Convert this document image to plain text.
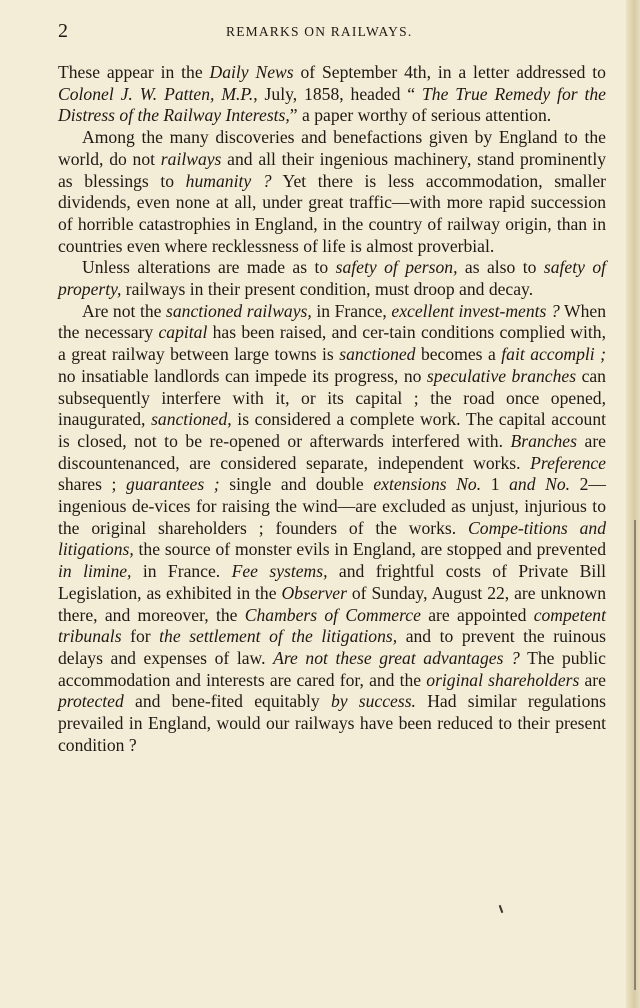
2	REMARKS ON RAILWAYS.

These appear in the Daily News of September 4th, in a letter addressed to Colonel J. W. Patten, M.P., July, 1858, headed “ The True Remedy for the Distress of the Railway Interests,” a paper worthy of serious attention.

Among the many discoveries and benefactions given by England to the world, do not railways and all their ingenious machinery, stand prominently as blessings to humanity ? Yet there is less accommodation, smaller dividends, even none at all, under great traffic—with more rapid succession of horrible catastrophies in England, in the country of railway origin, than in countries even where recklessness of life is almost proverbial.

Unless alterations are made as to safety of person, as also to safety of property, railways in their present condition, must droop and decay.

Are not the sanctioned railways, in France, excellent invest-ments ? When the necessary capital has been raised, and cer-tain conditions complied with, a great railway between large towns is sanctioned becomes a fait accompli ; no insatiable landlords can impede its progress, no speculative branches can subsequently interfere with it, or its capital ; the road once opened, inaugurated, sanctioned, is considered a complete work. The capital account is closed, not to be re-opened or afterwards interfered with. Branches are discountenanced, are considered separate, independent works. Preference shares ; guarantees ; single and double extensions No. 1 and No. 2—ingenious de-vices for raising the wind—are excluded as unjust, injurious to the original shareholders ; founders of the works. Compe-titions and litigations, the source of monster evils in England, are stopped and prevented in limine, in France. Fee systems, and frightful costs of Private Bill Legislation, as exhibited in the Observer of Sunday, August 22, are unknown there, and moreover, the Chambers of Commerce are appointed competent tribunals for the settlement of the litigations, and to prevent the ruinous delays and expenses of law. Are not these great advantages ? The public accommodation and interests are cared for, and the original shareholders are protected and bene-fited equitably by success. Had similar regulations prevailed in England, would our railways have been reduced to their present condition ?
